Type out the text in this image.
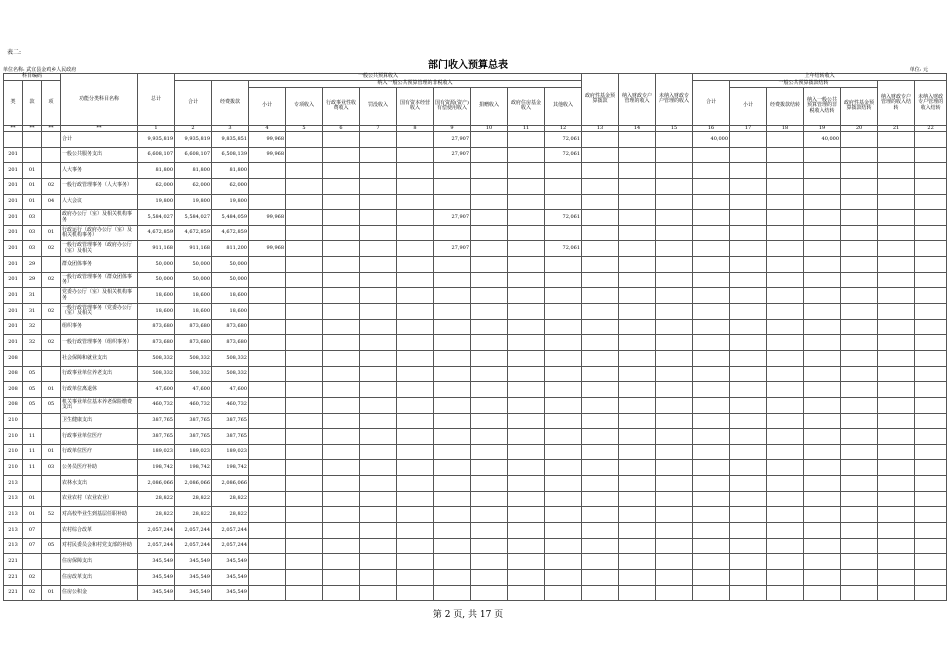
表二:
部门收入预算总表
单位名称: 武宜县金鸡乡人民政府	单位: 元
科目编码			功能分类科目名称	总计	一般公共预算收入											政府性基金预算拨款	纳入财政专户管理的收入	未纳入财政专户管理的收入	上年结转收入						
类	款	项			合计	经费拨款	纳入一般公共预算管理的非税收入												合计	一般公共预算拨款结转				纳入财政专户管理的收入结转	未纳入财政专户管理的收入结转
							小计	专项收入	行政事业性收费收入	罚没收入	国有资本经营收入	国有资源(资产)有偿使用收入	捐赠收入	政府住房基金收入	其他收入					小计	经费拨款结转	纳入一般公共预算管理的非税收入结转	政府性基金预算拨款结转		
**	**	**	**	1	2	3	4	5	6	7	8	9	10	11	12	13	14	15	16	17	18	19	20	21	22
			合计	9,935,819	9,935,819	9,835,851	99,968					27,907			72,061				40,000			40,000			
201			一般公共服务支出	6,608,107	6,608,107	6,508,139	99,968					27,907			72,061										
201	01		人大事务	81,800	81,800	81,800																			
201	01	02	一般行政管理事务（人大事务）	62,000	62,000	62,000																			
201	01	04	人大会议	19,800	19,800	19,800																			
201	03		政府办公厅（室）及相关机构事务	5,584,027	5,584,027	5,484,059	99,968					27,907			72,061										
201	03	01	行政运行（政府办公厅（室）及相关机构事务）	4,672,859	4,672,859	4,672,859																			
201	03	02	一般行政管理事务（政府办公厅（室）及相关	911,168	911,168	811,200	99,968					27,907			72,061										
201	29		群众团体事务	50,000	50,000	50,000																			
201	29	02	一般行政管理事务（群众团体事务）	50,000	50,000	50,000																			
201	31		党委办公厅（室）及相关机构事务	18,600	18,600	18,600																			
201	31	02	一般行政管理事务（党委办公厅（室）及相关	18,600	18,600	18,600																			
201	32		组织事务	873,680	873,680	873,680																			
201	32	02	一般行政管理事务（组织事务）	873,680	873,680	873,680																			
208			社会保障和就业支出	508,332	508,332	508,332																			
208	05		行政事业单位养老支出	508,332	508,332	508,332																			
208	05	01	行政单位离退休	47,600	47,600	47,600																			
208	05	05	机关事业单位基本养老保险缴费支出	460,732	460,732	460,732																			
210			卫生健康支出	387,765	387,765	387,765																			
210	11		行政事业单位医疗	387,765	387,765	387,765																			
210	11	01	行政单位医疗	189,023	189,023	189,023																			
210	11	03	公务员医疗补助	198,742	198,742	198,742																			
213			农林水支出	2,086,066	2,086,066	2,086,066																			
213	01		农业农村（农业农业）	28,822	28,822	28,822																			
213	01	52	对高校毕业生到基层任职补助	28,822	28,822	28,822																			
213	07		农村综合改革	2,057,244	2,057,244	2,057,244																			
213	07	05	对村民委员会和村党支部的补助	2,057,244	2,057,244	2,057,244																			
221			住房保障支出	345,549	345,549	345,549																			
221	02		住房改革支出	345,549	345,549	345,549																			
221	02	01	住房公积金	345,549	345,549	345,549																			
第 2 页, 共 17 页
